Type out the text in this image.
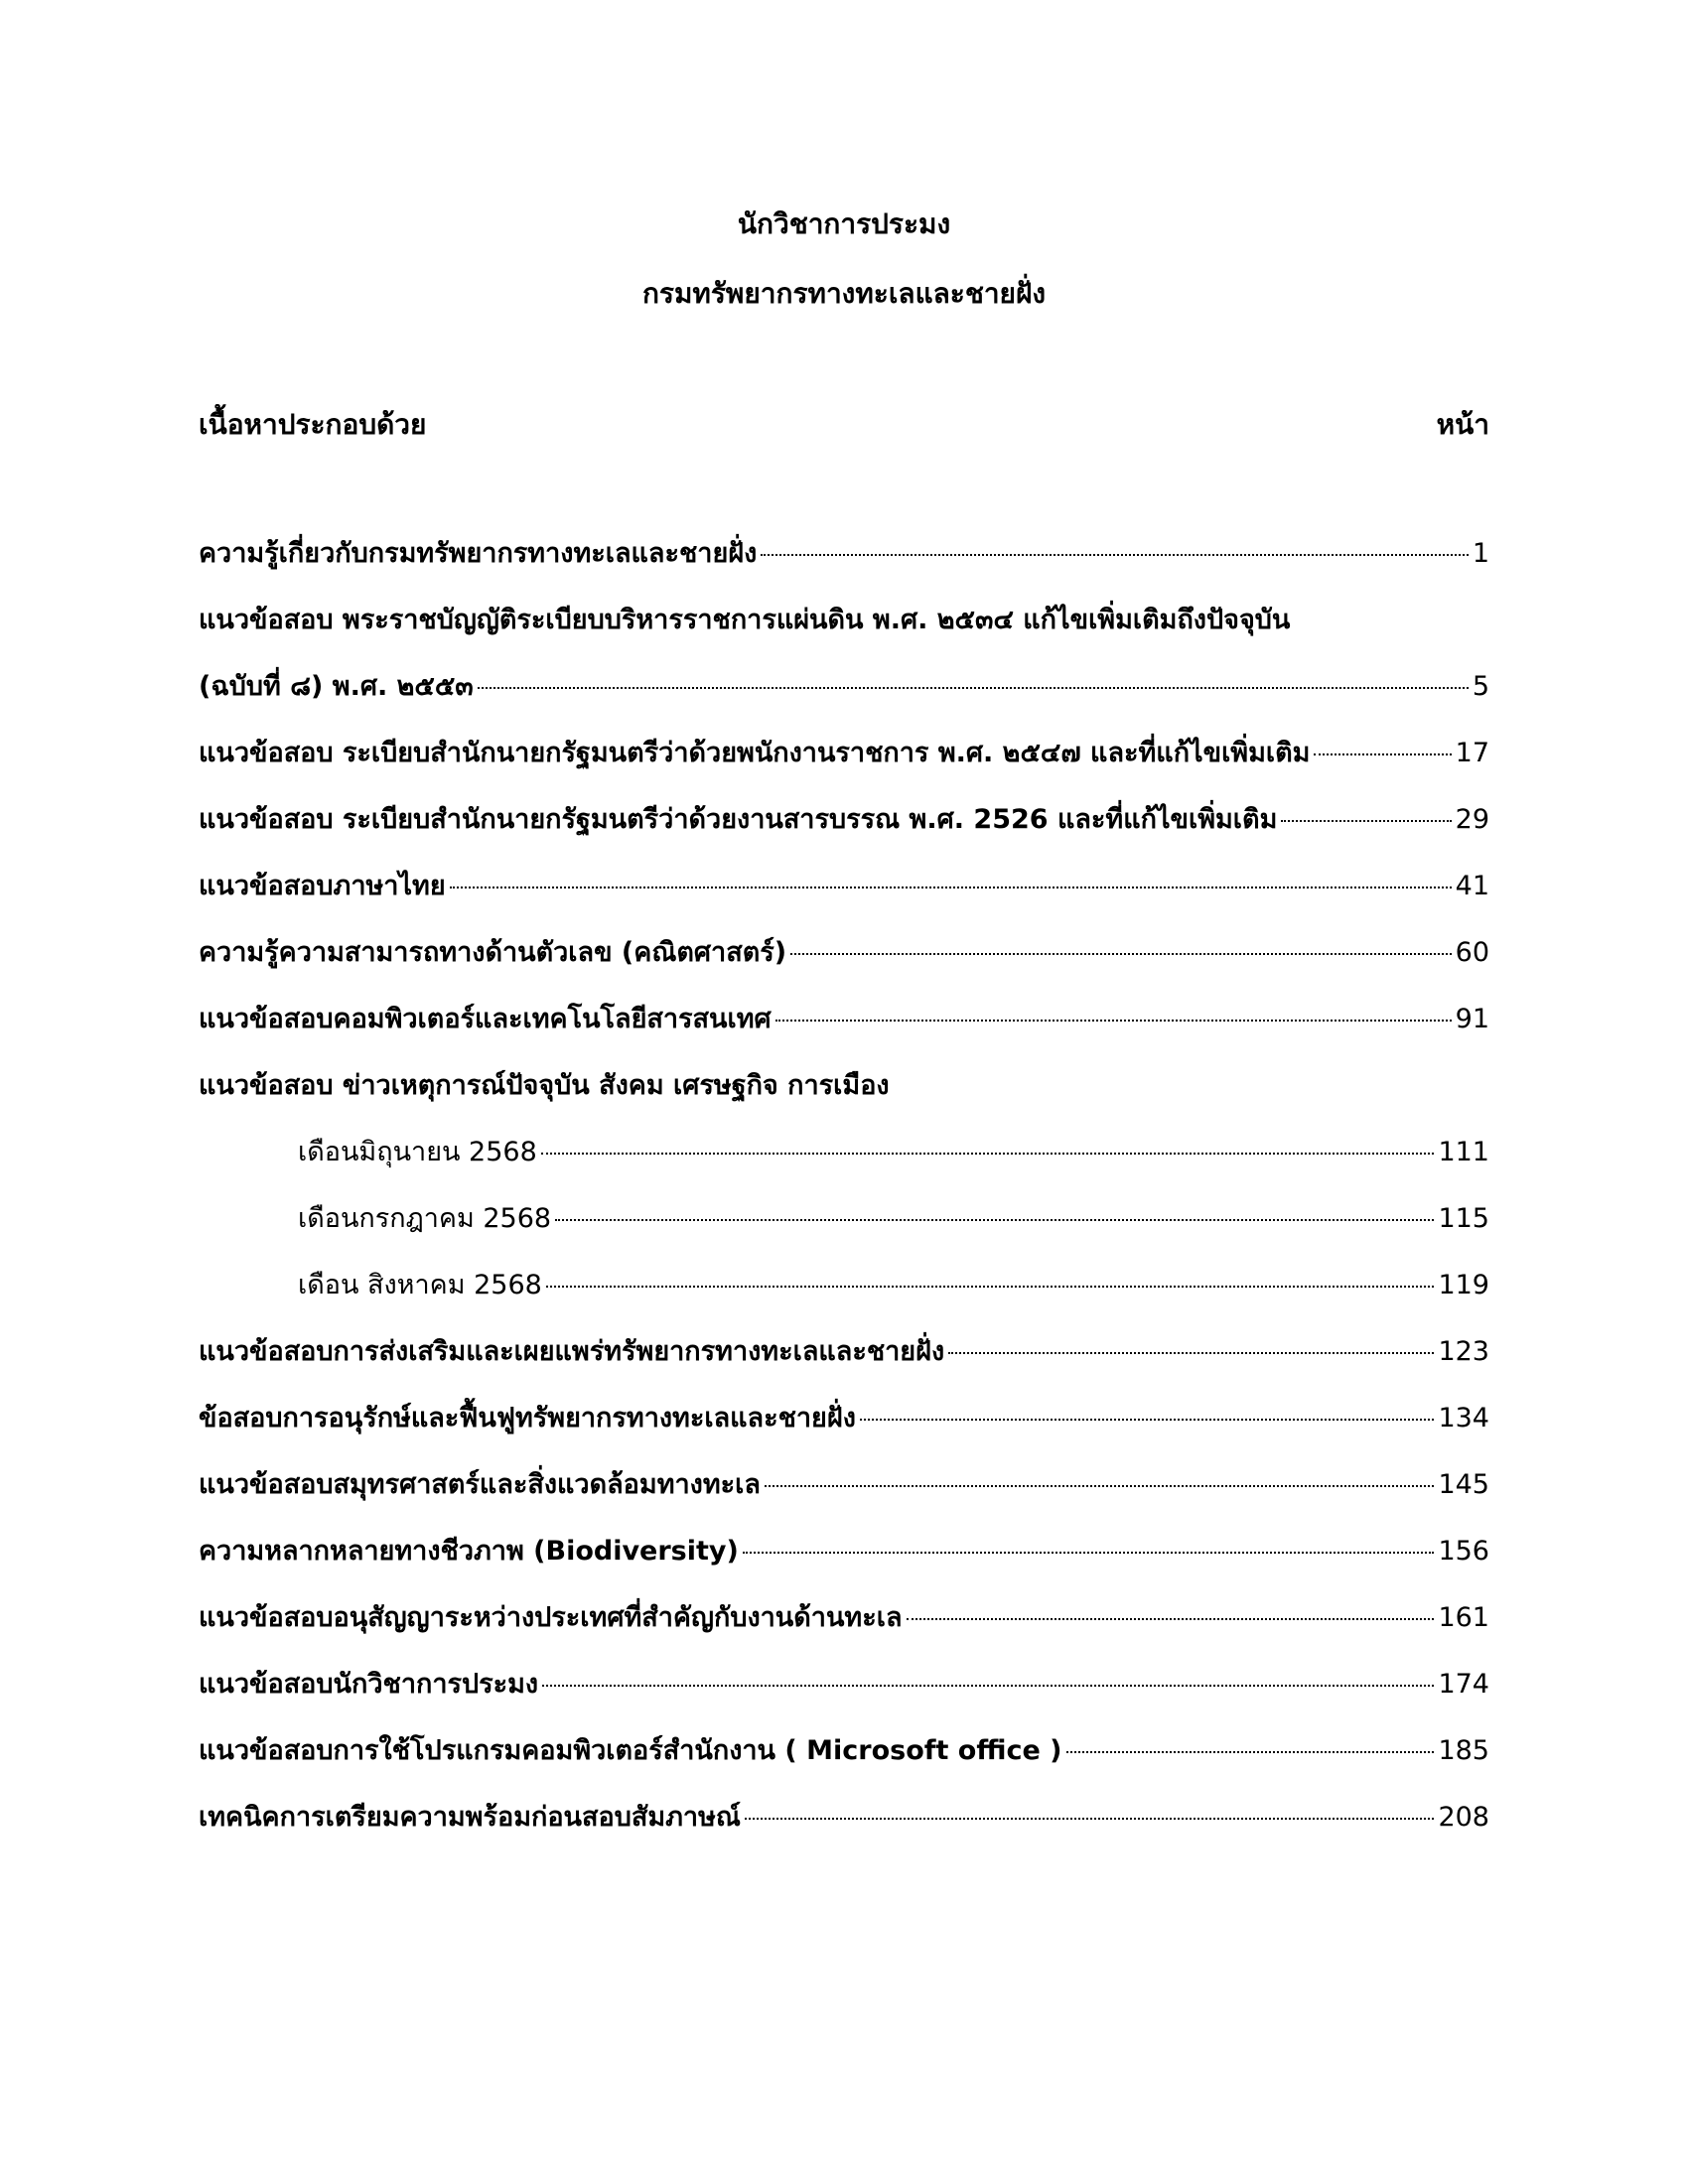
นักวิชาการประมง
กรมทรัพยากรทางทะเลและชายฝั่ง
เนื้อหาประกอบด้วย	หน้า
ความรู้เกี่ยวกับกรมทรัพยากรทางทะเลและชายฝั่ง	1
แนวข้อสอบ พระราชบัญญัติระเบียบบริหารราชการแผ่นดิน พ.ศ. ๒๕๓๔ แก้ไขเพิ่มเติมถึงปัจจุบัน
(ฉบับที่ ๘) พ.ศ. ๒๕๕๓	5
แนวข้อสอบ ระเบียบสำนักนายกรัฐมนตรีว่าด้วยพนักงานราชการ พ.ศ. ๒๕๔๗ และที่แก้ไขเพิ่มเติม	17
แนวข้อสอบ ระเบียบสำนักนายกรัฐมนตรีว่าด้วยงานสารบรรณ พ.ศ. 2526 และที่แก้ไขเพิ่มเติม	29
แนวข้อสอบภาษาไทย	41
ความรู้ความสามารถทางด้านตัวเลข (คณิตศาสตร์)	60
แนวข้อสอบคอมพิวเตอร์และเทคโนโลยีสารสนเทศ	91
แนวข้อสอบ ข่าวเหตุการณ์ปัจจุบัน สังคม เศรษฐกิจ การเมือง
เดือนมิถุนายน 2568	111
เดือนกรกฎาคม 2568	115
เดือน สิงหาคม 2568	119
แนวข้อสอบการส่งเสริมและเผยแพร่ทรัพยากรทางทะเลและชายฝั่ง	123
ข้อสอบการอนุรักษ์และฟื้นฟูทรัพยากรทางทะเลและชายฝั่ง	134
แนวข้อสอบสมุทรศาสตร์และสิ่งแวดล้อมทางทะเล	145
ความหลากหลายทางชีวภาพ (Biodiversity)	156
แนวข้อสอบอนุสัญญาระหว่างประเทศที่สำคัญกับงานด้านทะเล	161
แนวข้อสอบนักวิชาการประมง	174
แนวข้อสอบการใช้โปรแกรมคอมพิวเตอร์สำนักงาน ( Microsoft office )	185
เทคนิคการเตรียมความพร้อมก่อนสอบสัมภาษณ์	208
